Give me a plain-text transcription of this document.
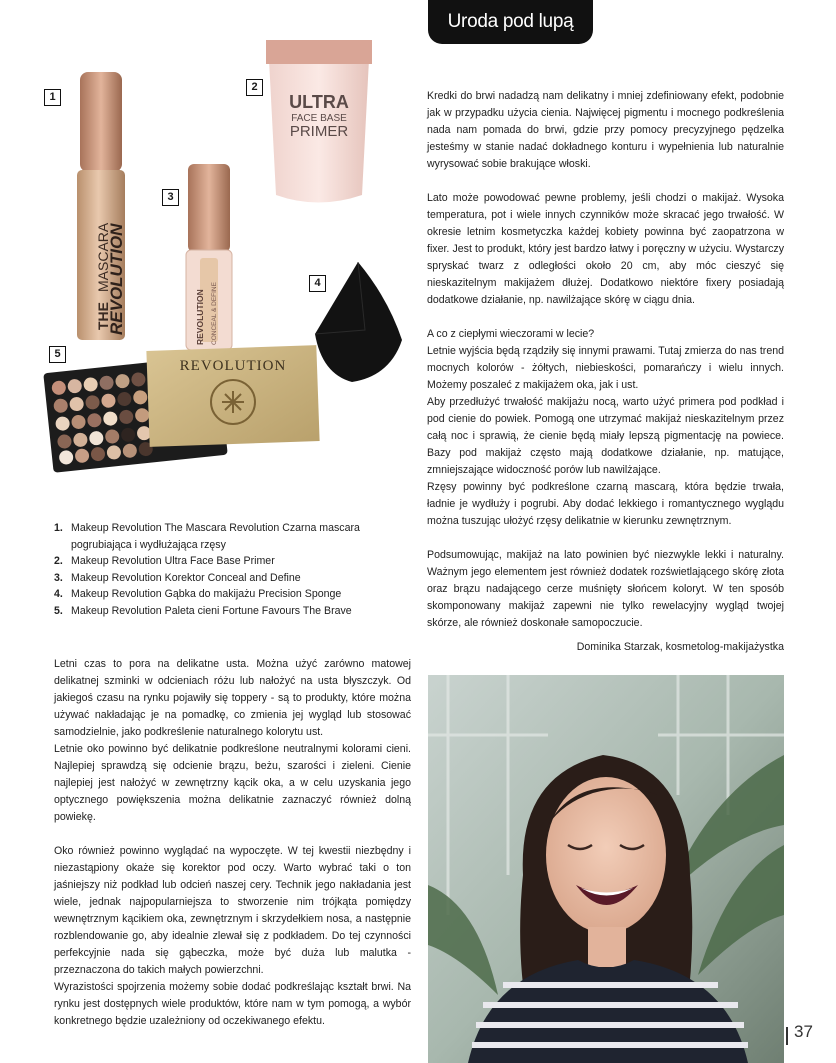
Uroda pod lupą
THE
MASCARA
REVOLUTION
ULTRA
FACE BASE
PRIMER
REVOLUTION CONCEAL & DEFINE
REVOLUTION
1
2
3
4
5
1. Makeup Revolution The Mascara Revolution Czarna mascara pogrubiająca i wydłużająca rzęsy
2. Makeup Revolution Ultra Face Base Primer
3. Makeup Revolution Korektor Conceal and Define
4. Makeup Revolution Gąbka do makijażu Precision Sponge
5. Makeup Revolution Paleta cieni Fortune Favours The Brave

Kredki do brwi nadadzą nam delikatny i mniej zdefiniowany efekt, podobnie jak w przypadku użycia cienia. Najwięcej pigmentu i mocnego podkreślenia nada nam pomada do brwi, gdzie przy pomocy precyzyjnego pędzelka jesteśmy w stanie nadać dokładnego konturu i wypełnienia lub naturalnie wyrysować sobie brakujące włoski.

Lato może powodować pewne problemy, jeśli chodzi o makijaż. Wysoka temperatura, pot i wiele innych czynników może skracać jego trwałość. W okresie letnim kosmetyczka każdej kobiety powinna być zaopatrzona w fixer. Jest to produkt, który jest bardzo łatwy i poręczny w użyciu. Wystarczy spryskać twarz z odległości około 20 cm, aby móc cieszyć się nieskazitelnym makijażem dłużej. Dodatkowo niektóre fixery posiadają dodatkowe działanie, np. nawilżające skórę w ciągu dnia.

A co z ciepłymi wieczorami w lecie?

Letnie wyjścia będą rządziły się innymi prawami. Tutaj zmierza do nas trend mocnych kolorów - żółtych, niebieskości, pomarańczy i wielu innych. Możemy poszaleć z makijażem oka, jak i ust.

Aby przedłużyć trwałość makijażu nocą, warto użyć primera pod podkład i pod cienie do powiek. Pomogą one utrzymać makijaż nieskazitelnym przez całą noc i sprawią, że cienie będą miały lepszą pigmentację na powiece. Bazy pod makijaż często mają dodatkowe działanie, np. matujące, zmniejszające widoczność porów lub nawilżające.

Rzęsy powinny być podkreślone czarną mascarą, która będzie trwała, ładnie je wydłuży i pogrubi. Aby dodać lekkiego i romantycznego wyglądu można tuszując ułożyć rzęsy delikatnie w kierunku zewnętrznym.

Podsumowując, makijaż na lato powinien być niezwykle lekki i naturalny. Ważnym jego elementem jest również dodatek rozświetlającego skórę złota oraz brązu nadającego cerze muśnięty słońcem koloryt. W ten sposób skomponowany makijaż zapewni nie tylko rewelacyjny wygląd twojej skórze, ale również doskonałe samopoczucie.

Dominika Starzak, kosmetolog-makijażystka

Letni czas to pora na delikatne usta. Można użyć zarówno matowej delikatnej szminki w odcieniach różu lub nałożyć na usta błyszczyk. Od jakiegoś czasu na rynku pojawiły się toppery - są to produkty, które można używać nakładając je na pomadkę, co zmienia jej wygląd lub stosować samodzielnie, jako podkreślenie naturalnego kolorytu ust.

Letnie oko powinno być delikatnie podkreślone neutralnymi kolorami cieni. Najlepiej sprawdzą się odcienie brązu, beżu, szarości i zieleni. Cienie najlepiej jest nałożyć w zewnętrzny kącik oka, a w celu uzyskania jego optycznego powiększenia można delikatnie zaznaczyć również dolną powiekę.

Oko również powinno wyglądać na wypoczęte. W tej kwestii niezbędny i niezastąpiony okaże się korektor pod oczy. Warto wybrać taki o ton jaśniejszy niż podkład lub odcień naszej cery. Technik jego nakładania jest wiele, jednak najpopularniejsza to stworzenie nim trójkąta pomiędzy wewnętrznym kącikiem oka, zewnętrznym i skrzydełkiem nosa, a następnie rozblendowanie go, aby idealnie zlewał się z podkładem. Do tej czynności perfekcyjnie nada się gąbeczka, może być duża lub malutka - przeznaczona do takich małych powierzchni.

Wyrazistości spojrzenia możemy sobie dodać podkreślając kształt brwi. Na rynku jest dostępnych wiele produktów, które nam w tym pomogą, a wybór konkretnego będzie uzależniony od oczekiwanego efektu.

37
